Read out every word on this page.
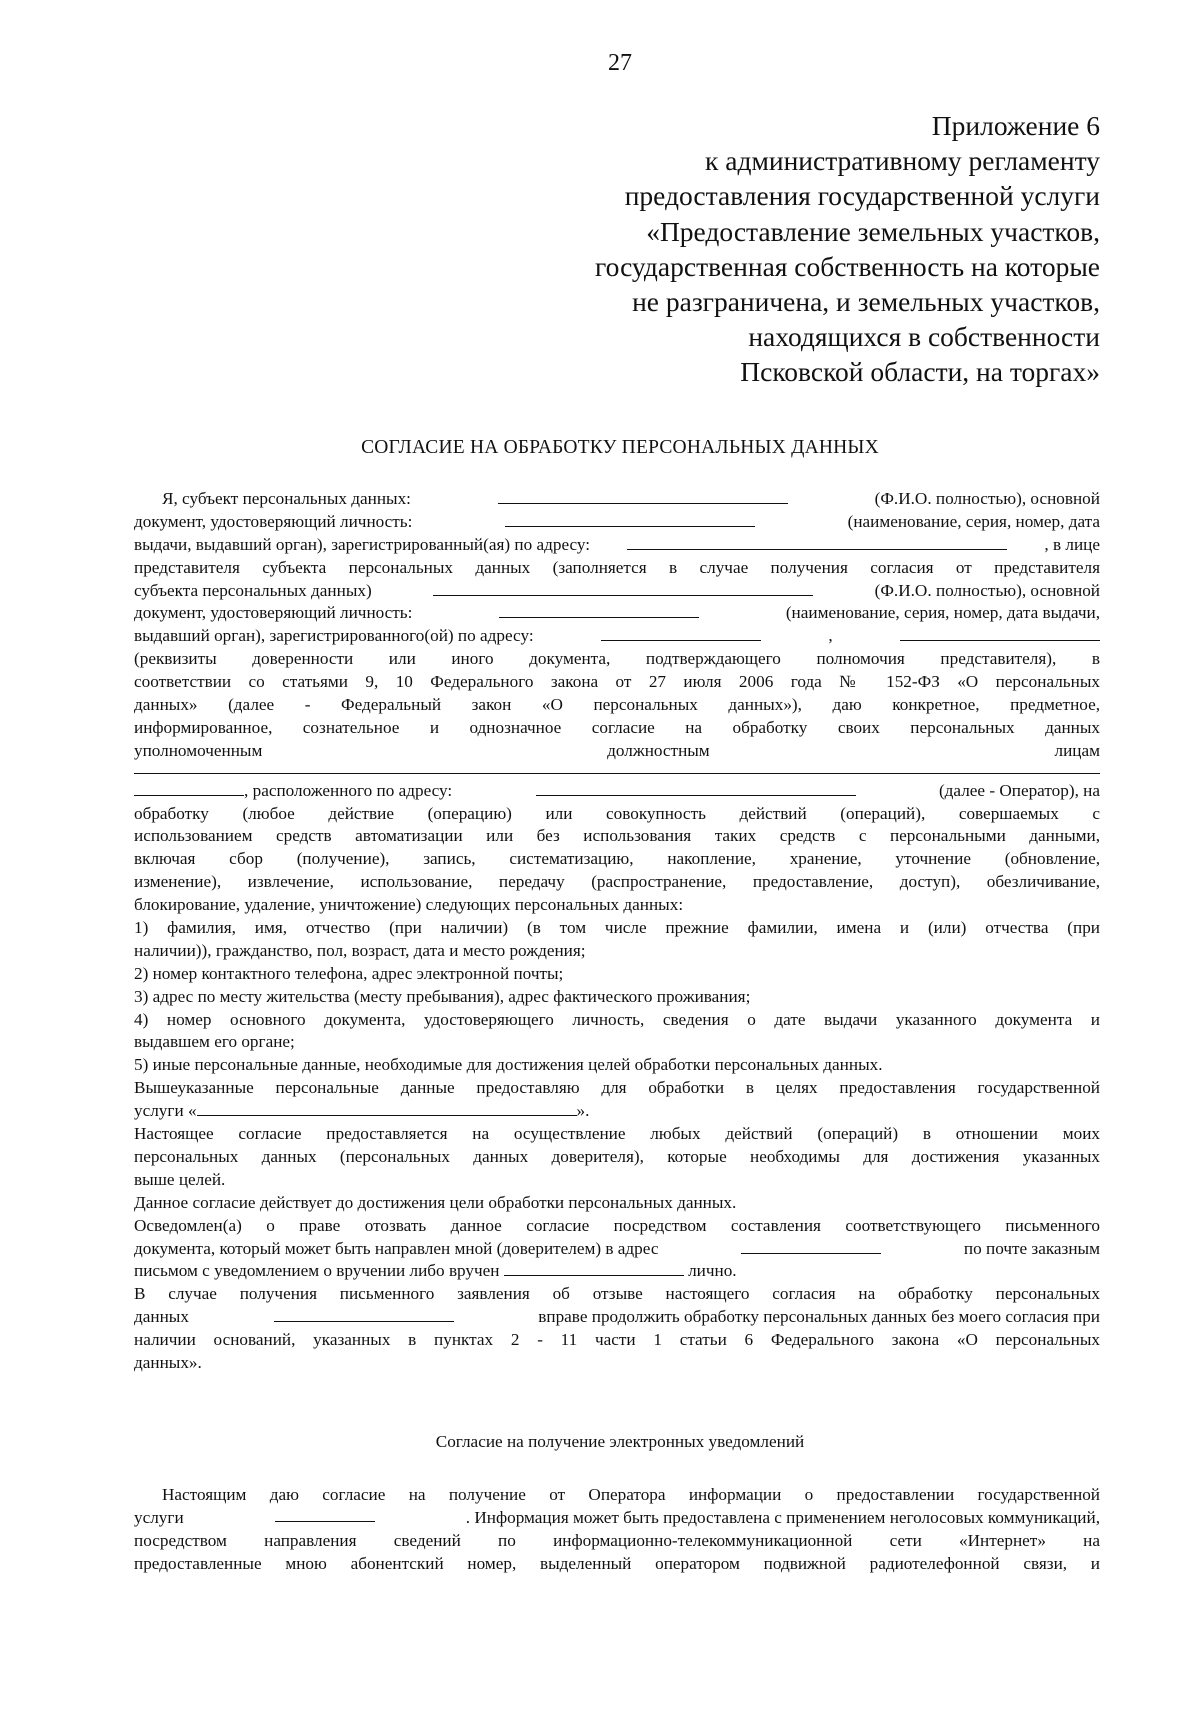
27
Приложение 6
к административному регламенту
предоставления государственной услуги
«Предоставление земельных участков,
государственная собственность на которые
не разграничена, и земельных участков,
находящихся в собственности
Псковской области, на торгах»
СОГЛАСИЕ НА ОБРАБОТКУ ПЕРСОНАЛЬНЫХ ДАННЫХ
Я, субъект персональных данных:	(Ф.И.О. полностью), основной
документ, удостоверяющий личность:	(наименование, серия, номер, дата
выдачи, выдавший орган), зарегистрированный(ая) по адресу:	, в лице
представителя субъекта персональных данных (заполняется в случае получения согласия от представителя
субъекта персональных данных)	(Ф.И.О. полностью), основной
документ, удостоверяющий личность:	(наименование, серия, номер, дата выдачи,
выдавший орган), зарегистрированного(ой) по адресу:	,
(реквизиты доверенности или иного документа, подтверждающего полномочия представителя), в
соответствии со статьями 9, 10 Федерального закона от 27 июля 2006 года № 152-ФЗ «О персональных
данных» (далее - Федеральный закон «О персональных данных»), даю конкретное, предметное,
информированное, сознательное и однозначное согласие на обработку своих персональных данных
уполномоченным	должностным	лицам
, расположенного по адресу:	(далее - Оператор), на
обработку (любое действие (операцию) или совокупность действий (операций), совершаемых с
использованием средств автоматизации или без использования таких средств с персональными данными,
включая сбор (получение), запись, систематизацию, накопление, хранение, уточнение (обновление,
изменение), извлечение, использование, передачу (распространение, предоставление, доступ), обезличивание,
блокирование, удаление, уничтожение) следующих персональных данных:
1) фамилия, имя, отчество (при наличии) (в том числе прежние фамилии, имена и (или) отчества (при
наличии)), гражданство, пол, возраст, дата и место рождения;
2) номер контактного телефона, адрес электронной почты;
3) адрес по месту жительства (месту пребывания), адрес фактического проживания;
4) номер основного документа, удостоверяющего личность, сведения о дате выдачи указанного документа и
выдавшем его органе;
5) иные персональные данные, необходимые для достижения целей обработки персональных данных.
Вышеуказанные персональные данные предоставляю для обработки в целях предоставления государственной
услуги «	».
Настоящее согласие предоставляется на осуществление любых действий (операций) в отношении моих
персональных данных (персональных данных доверителя), которые необходимы для достижения указанных
выше целей.
Данное согласие действует до достижения цели обработки персональных данных.
Осведомлен(а) о праве отозвать данное согласие посредством составления соответствующего письменного
документа, который может быть направлен мной (доверителем) в адрес	по почте заказным
письмом с уведомлением о вручении либо вручен	лично.
В случае получения письменного заявления об отзыве настоящего согласия на обработку персональных
данных	вправе продолжить обработку персональных данных без моего согласия при
наличии оснований, указанных в пунктах 2 - 11 части 1 статьи 6 Федерального закона «О персональных
данных».
Согласие на получение электронных уведомлений
Настоящим даю согласие на получение от Оператора информации о предоставлении государственной
услуги	. Информация может быть предоставлена с применением неголосовых коммуникаций,
посредством направления сведений по информационно-телекоммуникационной сети «Интернет» на
предоставленные мною абонентский номер, выделенный оператором подвижной радиотелефонной связи, и
